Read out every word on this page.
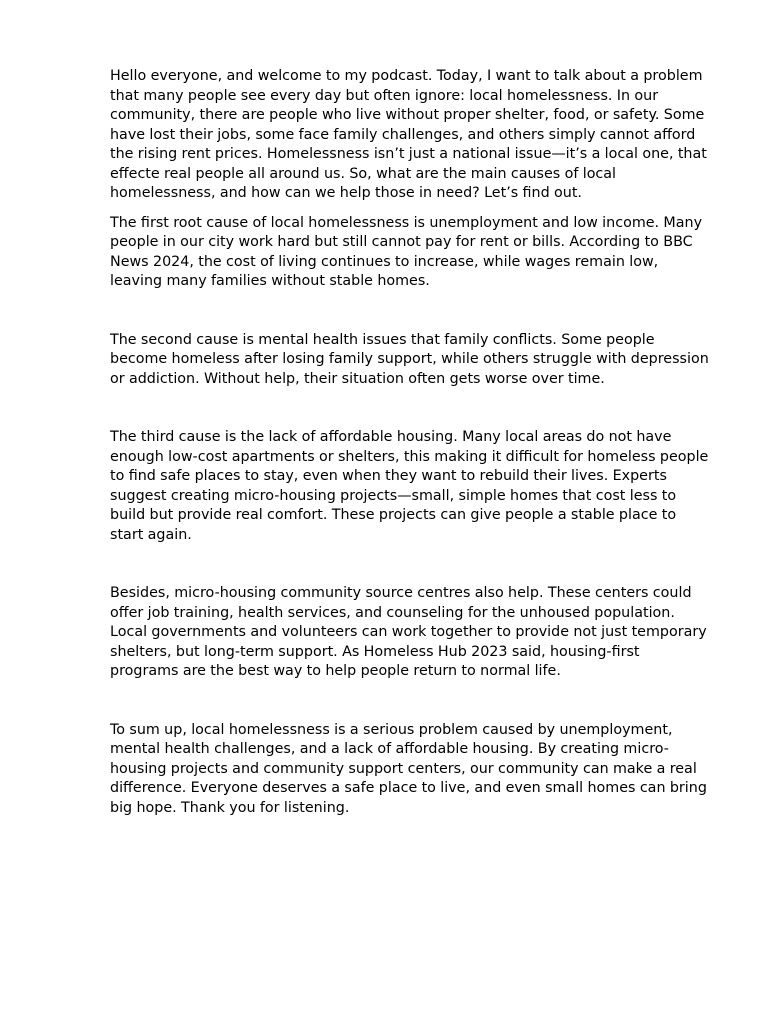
Hello everyone, and welcome to my podcast. Today, I want to talk about a problem that many people see every day but often ignore: local homelessness. In our community, there are people who live without proper shelter, food, or safety. Some have lost their jobs, some face family challenges, and others simply cannot afford the rising rent prices. Homelessness isn’t just a national issue—it’s a local one, that effecte real people all around us. So, what are the main causes of local homelessness, and how can we help those in need? Let’s find out.

The first root cause of local homelessness is unemployment and low income. Many people in our city work hard but still cannot pay for rent or bills. According to BBC News 2024, the cost of living continues to increase, while wages remain low, leaving many families without stable homes.

The second cause is mental health issues that family conflicts. Some people become homeless after losing family support, while others struggle with depression or addiction. Without help, their situation often gets worse over time.

The third cause is the lack of affordable housing. Many local areas do not have enough low-cost apartments or shelters, this making it difficult for homeless people to find safe places to stay, even when they want to rebuild their lives. Experts suggest creating micro-housing projects—small, simple homes that cost less to build but provide real comfort. These projects can give people a stable place to start again.

Besides, micro-housing community source centres also help. These centers could offer job training, health services, and counseling for the unhoused population. Local governments and volunteers can work together to provide not just temporary shelters, but long-term support. As Homeless Hub 2023 said, housing-first programs are the best way to help people return to normal life.

To sum up, local homelessness is a serious problem caused by unemployment, mental health challenges, and a lack of affordable housing. By creating micro-housing projects and community support centers, our community can make a real difference. Everyone deserves a safe place to live, and even small homes can bring big hope. Thank you for listening.
